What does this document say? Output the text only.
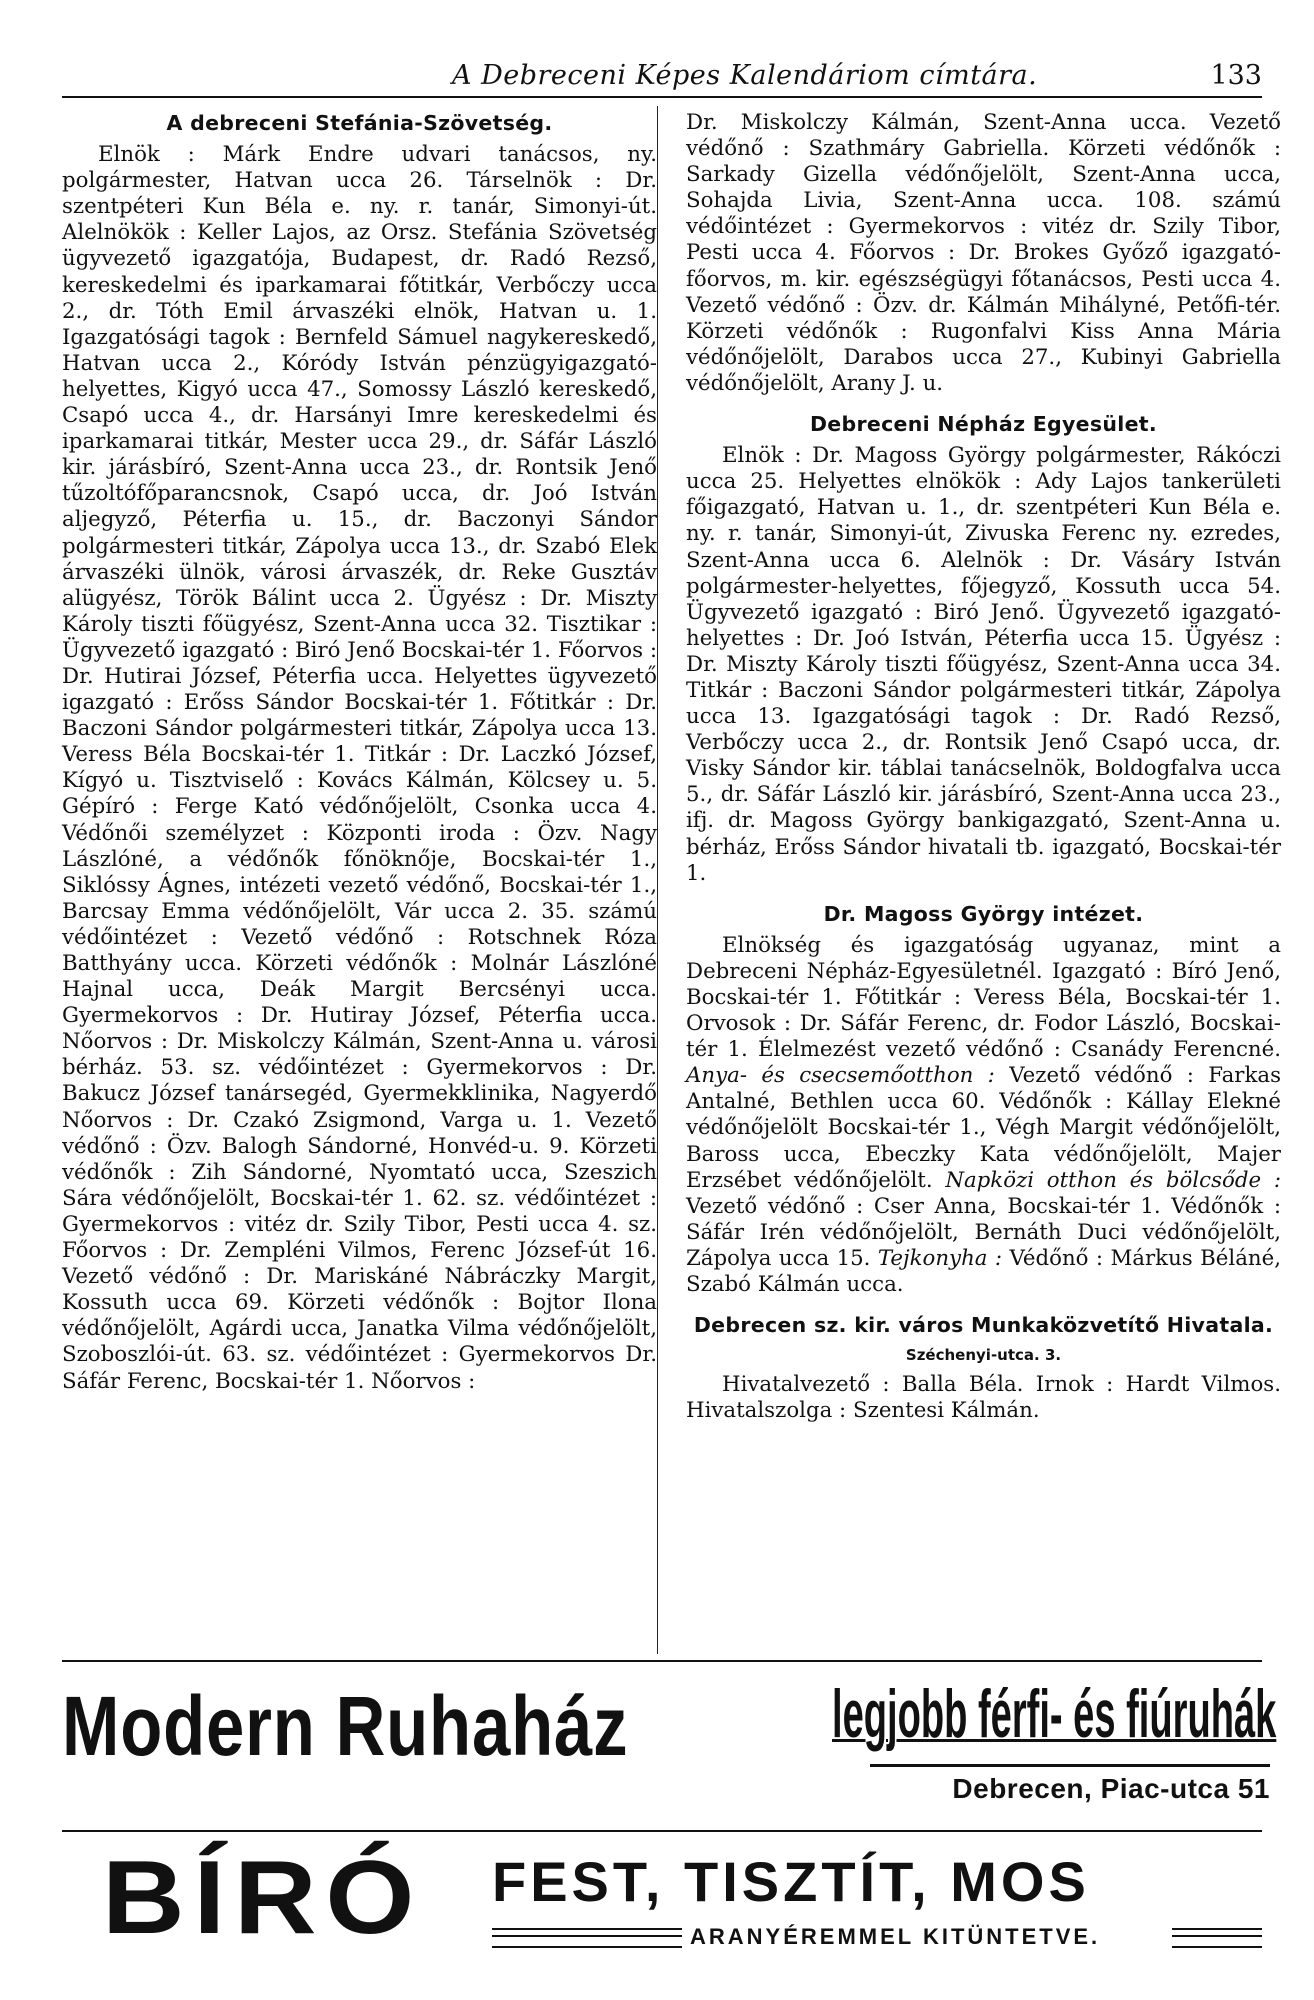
A Debreceni Képes Kalendáriom címtára.	133
A debreceni Stefánia-Szövetség.

Elnök : Márk Endre udvari tanácsos, ny. polgármester, Hatvan ucca 26. Társelnök : Dr. szentpéteri Kun Béla e. ny. r. tanár, Simonyi-út. Alelnökök : Keller Lajos, az Orsz. Stefánia Szövetség ügyvezető igazgatója, Budapest, dr. Radó Rezső, kereskedelmi és iparkamarai főtitkár, Verbőczy ucca 2., dr. Tóth Emil árvaszéki elnök, Hatvan u. 1. Igazgatósági tagok : Bernfeld Sámuel nagykereskedő, Hatvan ucca 2., Kóródy István pénzügyigazgató-helyettes, Kigyó ucca 47., Somossy László kereskedő, Csapó ucca 4., dr. Harsányi Imre kereskedelmi és iparkamarai titkár, Mester ucca 29., dr. Sáfár László kir. járásbíró, Szent-Anna ucca 23., dr. Rontsik Jenő tűzoltófőparancsnok, Csapó ucca, dr. Joó István aljegyző, Péterfia u. 15., dr. Baczonyi Sándor polgármesteri titkár, Zápolya ucca 13., dr. Szabó Elek árvaszéki ülnök, városi árvaszék, dr. Reke Gusztáv alügyész, Török Bálint ucca 2. Ügyész : Dr. Miszty Károly tiszti főügyész, Szent-Anna ucca 32. Tisztikar : Ügyvezető igazgató : Biró Jenő Bocskai-tér 1. Főorvos : Dr. Hutirai József, Péterfia ucca. Helyettes ügyvezető igazgató : Erőss Sándor Bocskai-tér 1. Főtitkár : Dr. Baczoni Sándor polgármesteri titkár, Zápolya ucca 13. Veress Béla Bocskai-tér 1. Titkár : Dr. Laczkó József, Kígyó u. Tisztviselő : Kovács Kálmán, Kölcsey u. 5. Gépíró : Ferge Kató védőnőjelölt, Csonka ucca 4. Védőnői személyzet : Központi iroda : Özv. Nagy Lászlóné, a védőnők főnöknője, Bocskai-tér 1., Siklóssy Ágnes, intézeti vezető védőnő, Bocskai-tér 1., Barcsay Emma védőnőjelölt, Vár ucca 2. 35. számú védőintézet : Vezető védőnő : Rotschnek Róza Batthyány ucca. Körzeti védőnők : Molnár Lászlóné Hajnal ucca, Deák Margit Bercsényi ucca. Gyermekorvos : Dr. Hutiray József, Péterfia ucca. Nőorvos : Dr. Miskolczy Kálmán, Szent-Anna u. városi bérház. 53. sz. védőintézet : Gyermekorvos : Dr. Bakucz József tanársegéd, Gyermekklinika, Nagyerdő Nőorvos : Dr. Czakó Zsigmond, Varga u. 1. Vezető védőnő : Özv. Balogh Sándorné, Honvéd-u. 9. Körzeti védőnők : Zih Sándorné, Nyomtató ucca, Szeszich Sára védőnőjelölt, Bocskai-tér 1. 62. sz. védőintézet : Gyermekorvos : vitéz dr. Szily Tibor, Pesti ucca 4. sz. Főorvos : Dr. Zempléni Vilmos, Ferenc József-út 16. Vezető védőnő : Dr. Mariskáné Nábráczky Margit, Kossuth ucca 69. Körzeti védőnők : Bojtor Ilona védőnőjelölt, Agárdi ucca, Janatka Vilma védőnőjelölt, Szoboszlói-út. 63. sz. védőintézet : Gyermekorvos Dr. Sáfár Ferenc, Bocskai-tér 1. Nőorvos :

Dr. Miskolczy Kálmán, Szent-Anna ucca. Vezető védőnő : Szathmáry Gabriella. Körzeti védőnők : Sarkady Gizella védőnőjelölt, Szent-Anna ucca, Sohajda Livia, Szent-Anna ucca. 108. számú védőintézet : Gyermekorvos : vitéz dr. Szily Tibor, Pesti ucca 4. Főorvos : Dr. Brokes Győző igazgató-főorvos, m. kir. egészségügyi főtanácsos, Pesti ucca 4. Vezető védőnő : Özv. dr. Kálmán Mihályné, Petőfi-tér. Körzeti védőnők : Rugonfalvi Kiss Anna Mária védőnőjelölt, Darabos ucca 27., Kubinyi Gabriella védőnőjelölt, Arany J. u.

Debreceni Népház Egyesület.

Elnök : Dr. Magoss György polgármester, Rákóczi ucca 25. Helyettes elnökök : Ady Lajos tankerületi főigazgató, Hatvan u. 1., dr. szentpéteri Kun Béla e. ny. r. tanár, Simonyi-út, Zivuska Ferenc ny. ezredes, Szent-Anna ucca 6. Alelnök : Dr. Vásáry István polgármester-helyettes, főjegyző, Kossuth ucca 54. Ügyvezető igazgató : Biró Jenő. Ügyvezető igazgató-helyettes : Dr. Joó István, Péterfia ucca 15. Ügyész : Dr. Miszty Károly tiszti főügyész, Szent-Anna ucca 34. Titkár : Baczoni Sándor polgármesteri titkár, Zápolya ucca 13. Igazgatósági tagok : Dr. Radó Rezső, Verbőczy ucca 2., dr. Rontsik Jenő Csapó ucca, dr. Visky Sándor kir. táblai tanácselnök, Boldogfalva ucca 5., dr. Sáfár László kir. járásbíró, Szent-Anna ucca 23., ifj. dr. Magoss György bankigazgató, Szent-Anna u. bérház, Erőss Sándor hivatali tb. igazgató, Bocskai-tér 1.

Dr. Magoss György intézet.

Elnökség és igazgatóság ugyanaz, mint a Debreceni Népház-Egyesületnél. Igazgató : Bíró Jenő, Bocskai-tér 1. Főtitkár : Veress Béla, Bocskai-tér 1. Orvosok : Dr. Sáfár Ferenc, dr. Fodor László, Bocskai-tér 1. Élelmezést vezető védőnő : Csanády Ferencné. Anya- és csecsemőotthon : Vezető védőnő : Farkas Antalné, Bethlen ucca 60. Védőnők : Kállay Elekné védőnőjelölt Bocskai-tér 1., Végh Margit védőnőjelölt, Baross ucca, Ebeczky Kata védőnőjelölt, Majer Erzsébet védőnőjelölt. Napközi otthon és bölcsőde : Vezető védőnő : Cser Anna, Bocskai-tér 1. Védőnők : Sáfár Irén védőnőjelölt, Bernáth Duci védőnőjelölt, Zápolya ucca 15. Tejkonyha : Védőnő : Márkus Béláné, Szabó Kálmán ucca.

Debrecen sz. kir. város Munkaközvetítő Hivatala.
Széchenyi-utca. 3.

Hivatalvezető : Balla Béla. Irnok : Hardt Vilmos. Hivatalszolga : Szentesi Kálmán.

Modern Ruhaház	legjobb férfi- és fiúruhák
Debrecen, Piac-utca 51
BÍRÓ FEST, TISZTÍT, MOS
ARANYÉREMMEL KITÜNTETVE.
